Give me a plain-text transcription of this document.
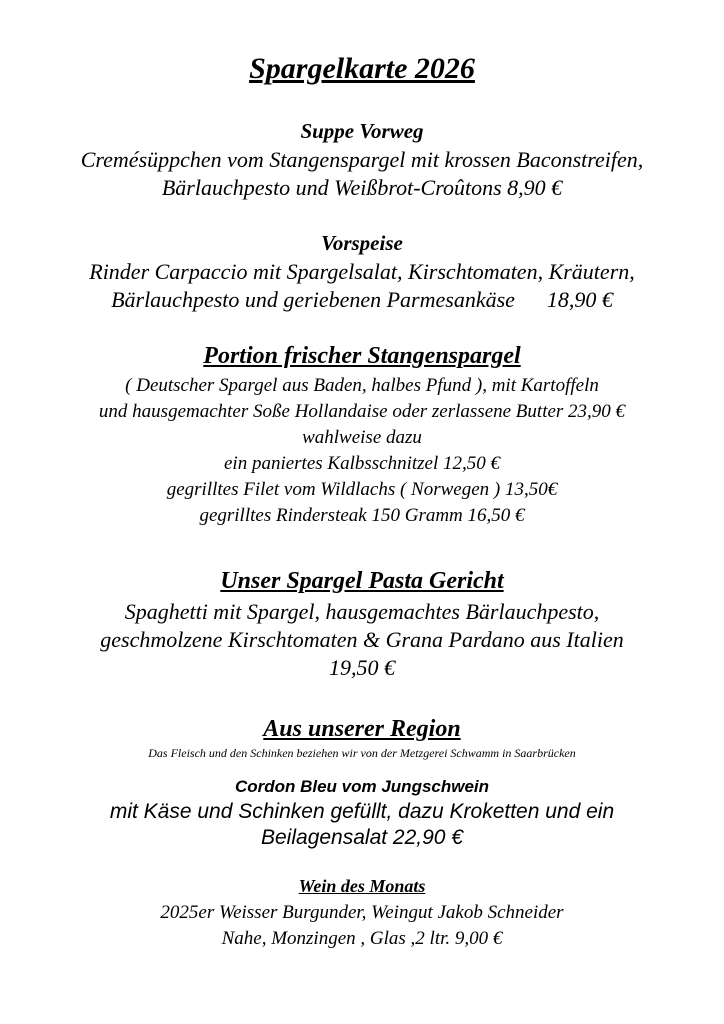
Spargelkarte 2026

Suppe Vorweg

Cremésüppchen vom Stangenspargel mit krossen Baconstreifen,

Bärlauchpesto und Weißbrot-Croûtons 8,90 €

Vorspeise

Rinder Carpaccio mit Spargelsalat, Kirschtomaten, Kräutern,

Bärlauchpesto und geriebenen Parmesankäse 18,90 €

Portion frischer Stangenspargel

( Deutscher Spargel aus Baden, halbes Pfund ), mit Kartoffeln

und hausgemachter Soße Hollandaise oder zerlassene Butter 23,90 €

wahlweise dazu

ein paniertes Kalbsschnitzel 12,50 €

gegrilltes Filet vom Wildlachs ( Norwegen ) 13,50€

gegrilltes Rindersteak 150 Gramm 16,50 €

Unser Spargel Pasta Gericht

Spaghetti mit Spargel, hausgemachtes Bärlauchpesto,

geschmolzene Kirschtomaten & Grana Pardano aus Italien

19,50 €

Aus unserer Region

Das Fleisch und den Schinken beziehen wir von der Metzgerei Schwamm in Saarbrücken

Cordon Bleu vom Jungschwein

mit Käse und Schinken gefüllt, dazu Kroketten und ein

Beilagensalat 22,90 €

Wein des Monats

2025er Weisser Burgunder, Weingut Jakob Schneider

Nahe, Monzingen , Glas ,2 ltr. 9,00 €
